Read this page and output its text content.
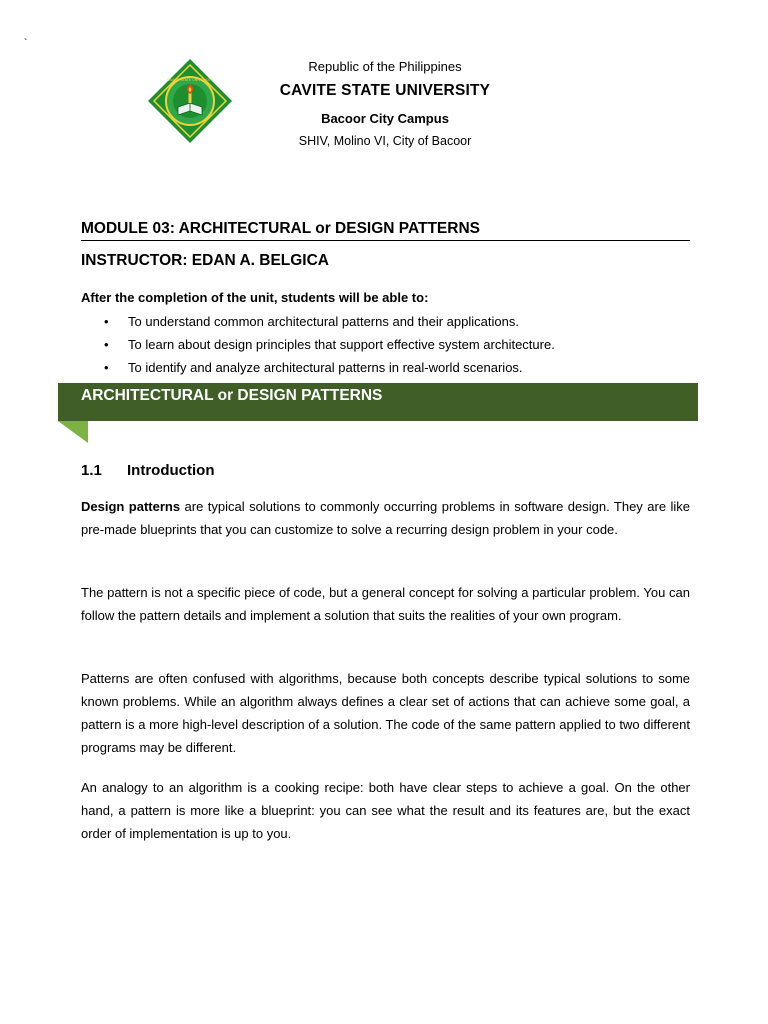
`
CAVITE STATE UNIVERSITY
Republic of the Philippines
CAVITE STATE UNIVERSITY
Bacoor City Campus
SHIV, Molino VI, City of Bacoor
MODULE 03: ARCHITECTURAL or DESIGN PATTERNS
INSTRUCTOR: EDAN A. BELGICA
After the completion of the unit, students will be able to:
• To understand common architectural patterns and their applications.
• To learn about design principles that support effective system architecture.
• To identify and analyze architectural patterns in real-world scenarios.
ARCHITECTURAL or DESIGN PATTERNS
1.1 Introduction

Design patterns are typical solutions to commonly occurring problems in software design. They are like pre-made blueprints that you can customize to solve a recurring design problem in your code.

The pattern is not a specific piece of code, but a general concept for solving a particular problem. You can follow the pattern details and implement a solution that suits the realities of your own program.

Patterns are often confused with algorithms, because both concepts describe typical solutions to some known problems. While an algorithm always defines a clear set of actions that can achieve some goal, a pattern is a more high-level description of a solution. The code of the same pattern applied to two different programs may be different.

An analogy to an algorithm is a cooking recipe: both have clear steps to achieve a goal. On the other hand, a pattern is more like a blueprint: you can see what the result and its features are, but the exact order of implementation is up to you.
